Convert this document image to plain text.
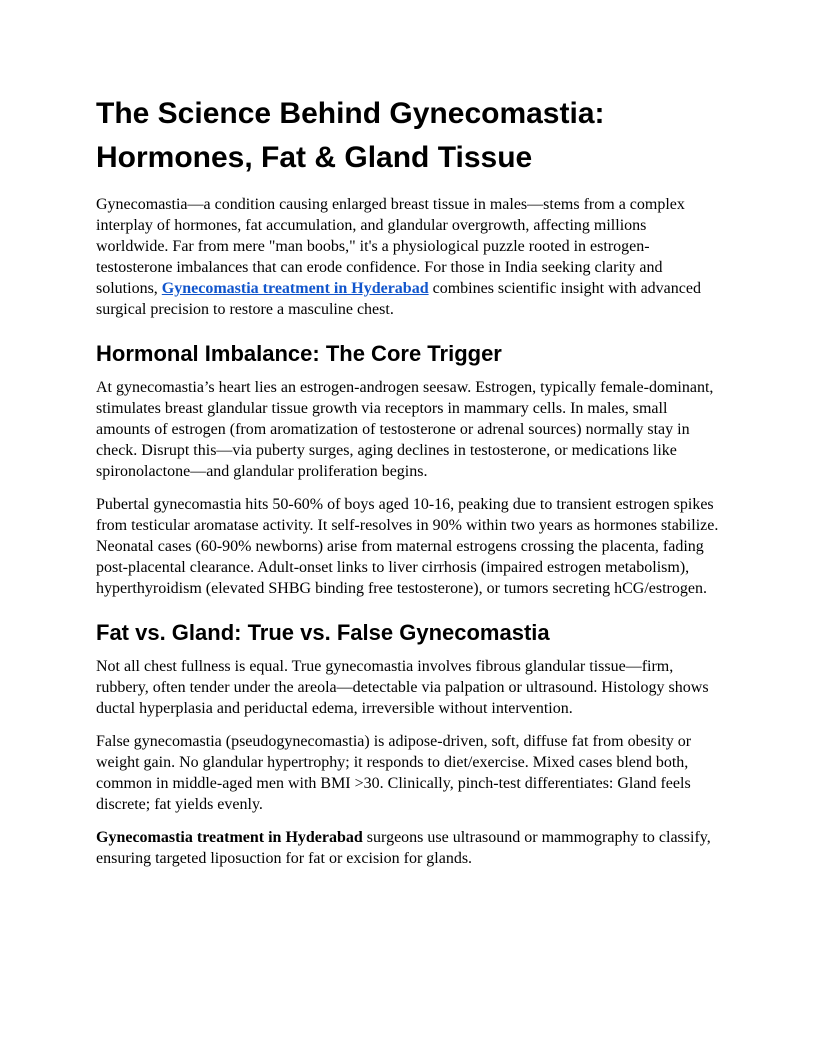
The Science Behind Gynecomastia:
Hormones, Fat & Gland Tissue

Gynecomastia—a condition causing enlarged breast tissue in males—stems from a complex interplay of hormones, fat accumulation, and glandular overgrowth, affecting millions worldwide. Far from mere "man boobs," it's a physiological puzzle rooted in estrogen-testosterone imbalances that can erode confidence. For those in India seeking clarity and solutions, Gynecomastia treatment in Hyderabad combines scientific insight with advanced surgical precision to restore a masculine chest.

Hormonal Imbalance: The Core Trigger

At gynecomastia’s heart lies an estrogen-androgen seesaw. Estrogen, typically female-dominant, stimulates breast glandular tissue growth via receptors in mammary cells. In males, small amounts of estrogen (from aromatization of testosterone or adrenal sources) normally stay in check. Disrupt this—via puberty surges, aging declines in testosterone, or medications like spironolactone—and glandular proliferation begins.

Pubertal gynecomastia hits 50-60% of boys aged 10-16, peaking due to transient estrogen spikes from testicular aromatase activity. It self-resolves in 90% within two years as hormones stabilize. Neonatal cases (60-90% newborns) arise from maternal estrogens crossing the placenta, fading post-placental clearance. Adult-onset links to liver cirrhosis (impaired estrogen metabolism), hyperthyroidism (elevated SHBG binding free testosterone), or tumors secreting hCG/estrogen.

Fat vs. Gland: True vs. False Gynecomastia

Not all chest fullness is equal. True gynecomastia involves fibrous glandular tissue—firm, rubbery, often tender under the areola—detectable via palpation or ultrasound. Histology shows ductal hyperplasia and periductal edema, irreversible without intervention.

False gynecomastia (pseudogynecomastia) is adipose-driven, soft, diffuse fat from obesity or weight gain. No glandular hypertrophy; it responds to diet/exercise. Mixed cases blend both, common in middle-aged men with BMI >30. Clinically, pinch-test differentiates: Gland feels discrete; fat yields evenly.

Gynecomastia treatment in Hyderabad surgeons use ultrasound or mammography to classify, ensuring targeted liposuction for fat or excision for glands.
